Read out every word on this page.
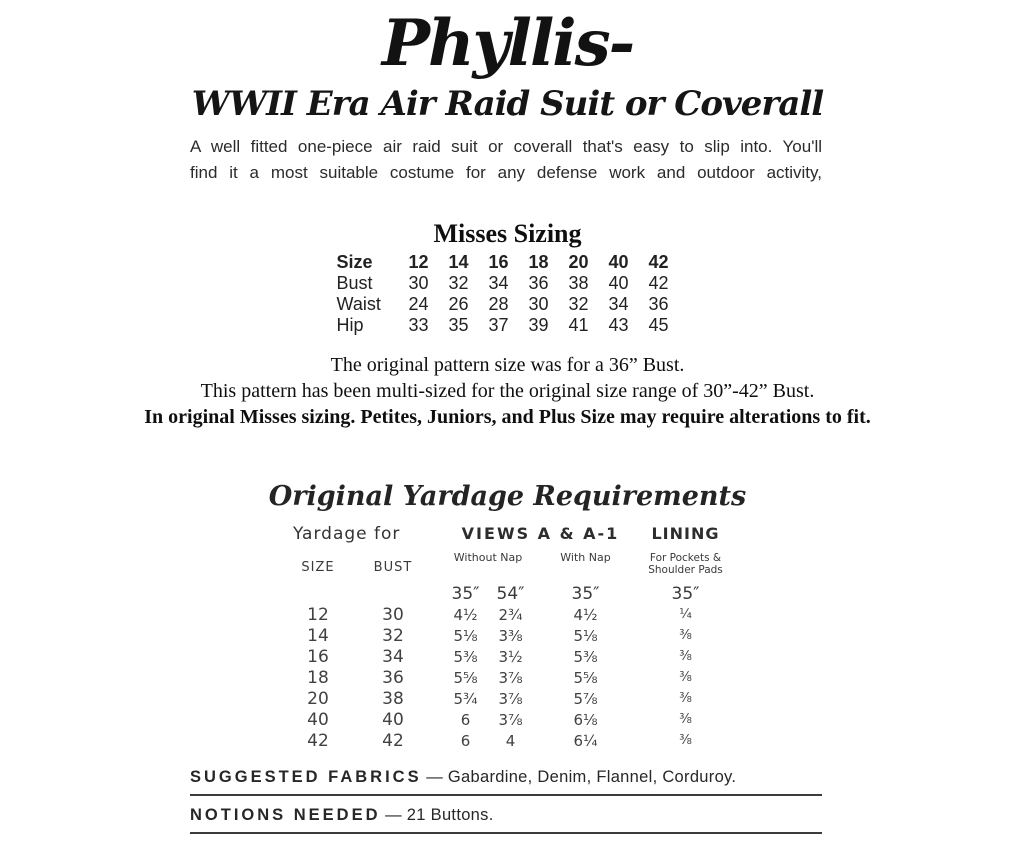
Phyllis-
WWII Era Air Raid Suit or Coverall
A well fitted one-piece air raid suit or coverall that's easy to slip into. You'll
find it a most suitable costume for any defense work and outdoor activity,
Misses Sizing
Size	12	14	16	18	20	40	42
Bust	30	32	34	36	38	40	42
Waist	24	26	28	30	32	34	36
Hip	33	35	37	39	41	43	45
The original pattern size was for a 36” Bust.
This pattern has been multi-sized for the original size range of 30”-42” Bust.
In original Misses sizing. Petites, Juniors, and Plus Size may require alterations to fit.
Original Yardage Requirements
Yardage for	VIEWS A & A-1	LINING
SIZE	BUST
Without Nap	With Nap	For Pockets & Shoulder Pads
35″	54″	35″	35″
12	30	4½	2¾	4½	¼
14	32	5⅛	3⅜	5⅛	⅜
16	34	5⅜	3½	5⅜	⅜
18	36	5⅝	3⅞	5⅝	⅜
20	38	5¾	3⅞	5⅞	⅜
40	40	6	3⅞	6⅛	⅜
42	42	6	4	6¼	⅜
SUGGESTED FABRICS — Gabardine, Denim, Flannel, Corduroy.
NOTIONS NEEDED — 21 Buttons.
